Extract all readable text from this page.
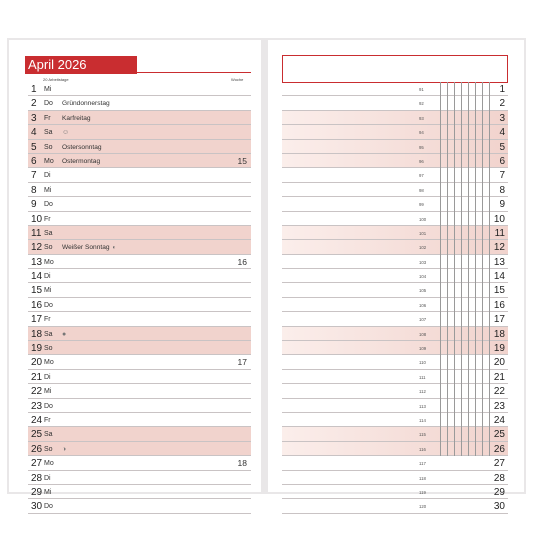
April 2026
20 Arbeitstage	Woche
1 Mi
2 Do Gründonnerstag
3 Fr Karfreitag
4 Sa ☺
5 So Ostersonntag
6 Mo Ostermontag	15
7 Di
8 Mi
9 Do
10 Fr
11 Sa
12 So Weißer Sonntag ◐
13 Mo	16
14 Di
15 Mi
16 Do
17 Fr
18 Sa ●
19 So
20 Mo	17
21 Di
22 Mi
23 Do
24 Fr
25 Sa
26 So ◑
27 Mo	18
28 Di
29 Mi
30 Do
91	1
92	2
93	3
94	4
95	5
96	6
97	7
98	8
99	9
100	10
101	11
102	12
103	13
104	14
105	15
106	16
107	17
108	18
109	19
110	20
111	21
112	22
113	23
114	24
115	25
116	26
117	27
118	28
119	29
120	30
